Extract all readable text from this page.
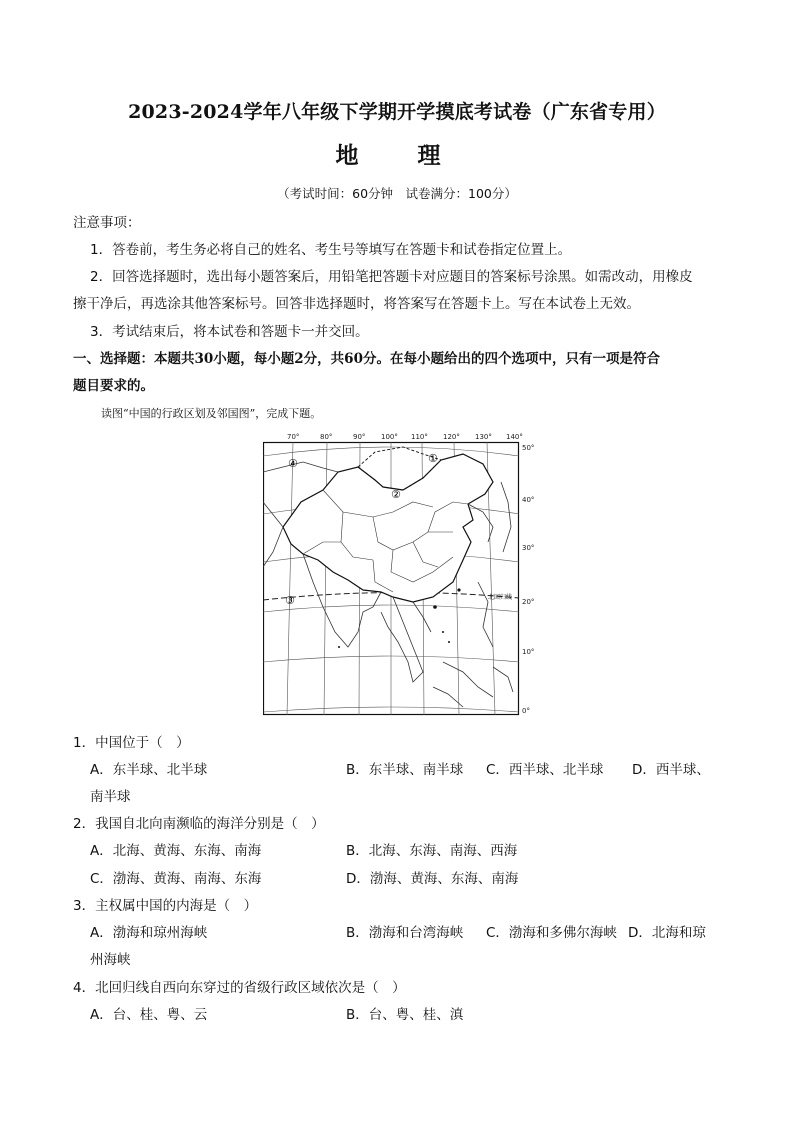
2023-2024学年八年级下学期开学摸底考试卷（广东省专用）
地　理
（考试时间：60分钟　试卷满分：100分）
注意事项：
1．答卷前，考生务必将自己的姓名、考生号等填写在答题卡和试卷指定位置上。
2．回答选择题时，选出每小题答案后，用铅笔把答题卡对应题目的答案标号涂黑。如需改动，用橡皮
擦干净后，再选涂其他答案标号。回答非选择题时，将答案写在答题卡上。写在本试卷上无效。
3．考试结束后，将本试卷和答题卡一并交回。
一、选择题：本题共30小题，每小题2分，共60分。在每小题给出的四个选项中，只有一项是符合
题目要求的。
读图“中国的行政区划及邻国图”，完成下题。
①
②
③
④
北回归线
70°	80°	90° 100° 110° 120° 130° 140°
50°
40°
30°
20°
10°
0°
1．中国位于（　）
A．东半球、北半球	B．东半球、南半球 C．西半球、北半球 D．西半球、
南半球
2．我国自北向南濒临的海洋分别是（　）
A．北海、黄海、东海、南海	B．北海、东海、南海、西海
C．渤海、黄海、南海、东海	D．渤海、黄海、东海、南海
3．主权属中国的内海是（　）
A．渤海和琼州海峡	B．渤海和台湾海峡 C．渤海和多佛尔海峡 D．北海和琼
州海峡
4．北回归线自西向东穿过的省级行政区域依次是（　）
A．台、桂、粤、云	B．台、粤、桂、滇
